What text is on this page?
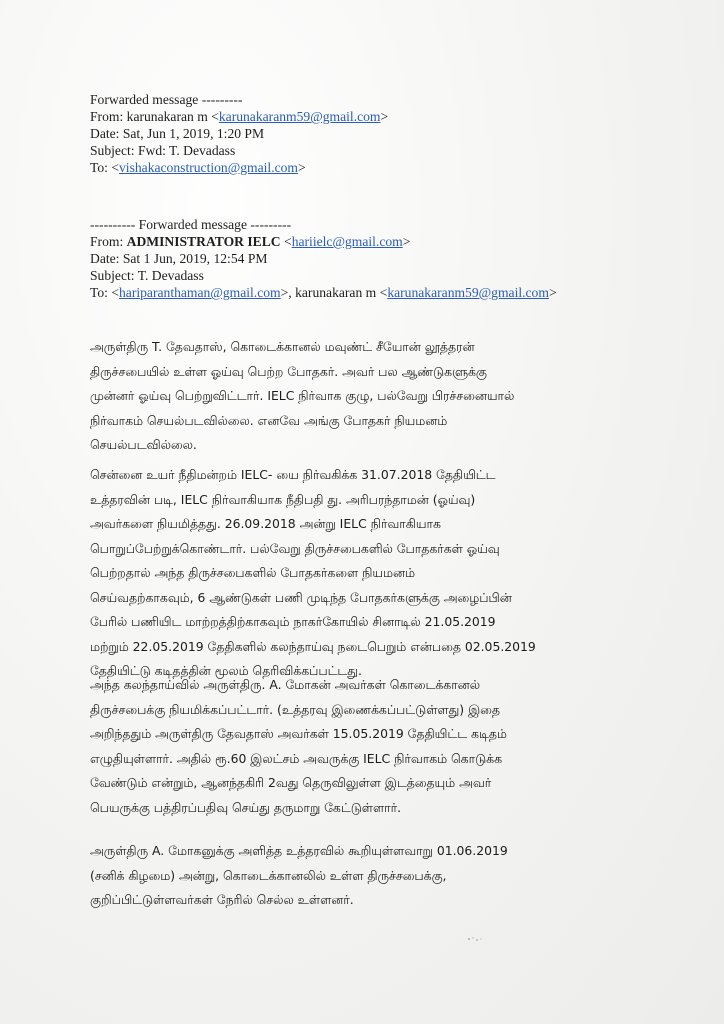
Forwarded message ---------
From: karunakaran m <karunakaranm59@gmail.com>
Date: Sat, Jun 1, 2019, 1:20 PM
Subject: Fwd: T. Devadass
To: <vishakaconstruction@gmail.com>
---------- Forwarded message ---------
From: ADMINISTRATOR IELC <hariielc@gmail.com>
Date: Sat 1 Jun, 2019, 12:54 PM
Subject: T. Devadass
To: <hariparanthaman@gmail.com>, karunakaran m <karunakaranm59@gmail.com>
அருள்திரு T. தேவதாஸ், கொடைக்கானல் மவுண்ட் சீயோன் லூத்தரன்
திருச்சபையில் உள்ள ஓய்வு பெற்ற போதகர். அவர் பல ஆண்டுகளுக்கு
முன்னர் ஓய்வு பெற்றுவிட்டார். IELC நிர்வாக குழு, பல்வேறு பிரச்சனையால்
நிர்வாகம் செயல்படவில்லை. எனவே அங்கு போதகர் நியமனம்
செயல்படவில்லை.
சென்னை உயர் நீதிமன்றம் IELC- யை நிர்வகிக்க 31.07.2018 தேதியிட்ட
உத்தரவின் படி, IELC நிர்வாகியாக நீதிபதி து. அரிபரந்தாமன் (ஓய்வு)
அவர்களை நியமித்தது. 26.09.2018 அன்று IELC நிர்வாகியாக
பொறுப்பேற்றுக்கொண்டார். பல்வேறு திருச்சபைகளில் போதகர்கள் ஓய்வு
பெற்றதால் அந்த திருச்சபைகளில் போதகர்களை நியமனம்
செய்வதற்காகவும், 6 ஆண்டுகள் பணி முடிந்த போதகர்களுக்கு அழைப்பின்
பேரில் பணியிட மாற்றத்திற்காகவும் நாகர்கோயில் சினாடில் 21.05.2019
மற்றும் 22.05.2019 தேதிகளில் கலந்தாய்வு நடைபெறும் என்பதை 02.05.2019
தேதியிட்டு கடிதத்தின் மூலம் தெரிவிக்கப்பட்டது.
அந்த கலந்தாய்வில் அருள்திரு. A. மோகன் அவர்கள் கொடைக்கானல்
திருச்சபைக்கு நியமிக்கப்பட்டார். (உத்தரவு இணைக்கப்பட்டுள்ளது) இதை
அறிந்ததும் அருள்திரு தேவதாஸ் அவர்கள் 15.05.2019 தேதியிட்ட கடிதம்
எழுதியுள்ளார். அதில் ரூ.60 இலட்சம் அவருக்கு IELC நிர்வாகம் கொடுக்க
வேண்டும் என்றும், ஆனந்தகிரி 2வது தெருவிலுள்ள இடத்தையும் அவர்
பெயருக்கு பத்திரப்பதிவு செய்து தருமாறு கேட்டுள்ளார்.
அருள்திரு A. மோகனுக்கு அளித்த உத்தரவில் கூறியுள்ளவாறு 01.06.2019
(சனிக் கிழமை) அன்று, கொடைக்கானலில் உள்ள திருச்சபைக்கு,
குறிப்பிட்டுள்ளவர்கள் நேரில் செல்ல உள்ளனர்.
